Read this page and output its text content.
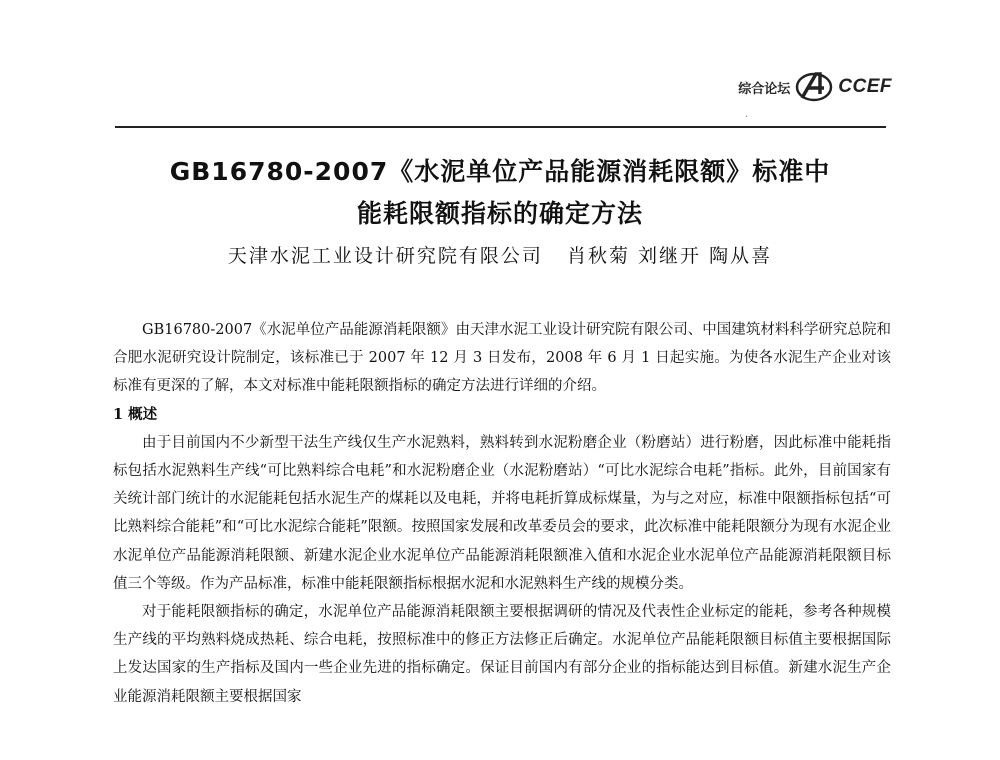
综合论坛	CCEF
·
GB16780-2007《水泥单位产品能源消耗限额》标准中
能耗限额指标的确定方法
天津水泥工业设计研究院有限公司   肖秋菊 刘继开 陶从喜

GB16780-2007《水泥单位产品能源消耗限额》由天津水泥工业设计研究院有限公司、中国建筑材料科学研究总院和合肥水泥研究设计院制定，该标准已于 2007 年 12 月 3 日发布，2008 年 6 月 1 日起实施。为使各水泥生产企业对该标准有更深的了解，本文对标准中能耗限额指标的确定方法进行详细的介绍。

1 概述

由于目前国内不少新型干法生产线仅生产水泥熟料，熟料转到水泥粉磨企业（粉磨站）进行粉磨，因此标准中能耗指标包括水泥熟料生产线“可比熟料综合电耗”和水泥粉磨企业（水泥粉磨站）“可比水泥综合电耗”指标。此外，目前国家有关统计部门统计的水泥能耗包括水泥生产的煤耗以及电耗，并将电耗折算成标煤量，为与之对应，标准中限额指标包括“可比熟料综合能耗”和“可比水泥综合能耗”限额。按照国家发展和改革委员会的要求，此次标准中能耗限额分为现有水泥企业水泥单位产品能源消耗限额、新建水泥企业水泥单位产品能源消耗限额准入值和水泥企业水泥单位产品能源消耗限额目标值三个等级。作为产品标准，标准中能耗限额指标根据水泥和水泥熟料生产线的规模分类。

对于能耗限额指标的确定，水泥单位产品能源消耗限额主要根据调研的情况及代表性企业标定的能耗，参考各种规模生产线的平均熟料烧成热耗、综合电耗，按照标准中的修正方法修正后确定。水泥单位产品能耗限额目标值主要根据国际上发达国家的生产指标及国内一些企业先进的指标确定。保证目前国内有部分企业的指标能达到目标值。新建水泥生产企业能源消耗限额主要根据国家
